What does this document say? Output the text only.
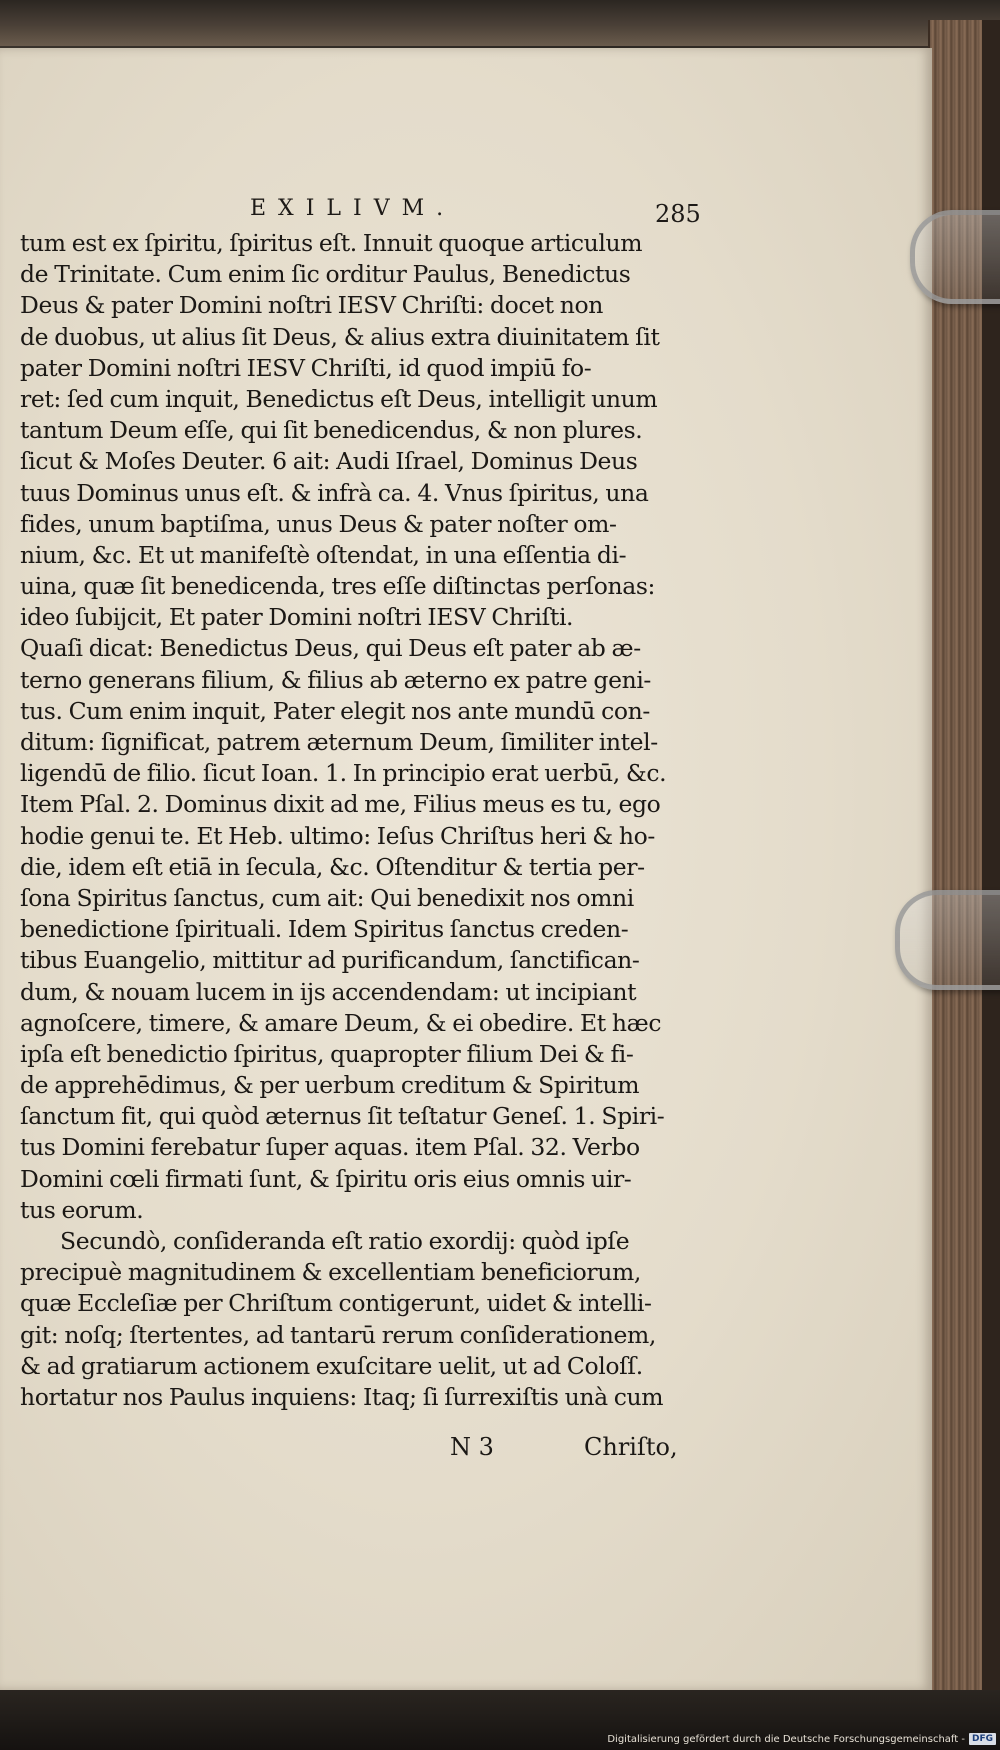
EXILIVM.	285
tum est ex ſpiritu, ſpiritus eſt. Innuit quoque articulum
de Trinitate. Cum enim ſic orditur Paulus, Benedictus
Deus & pater Domini noſtri IESV Chriſti: docet non
de duobus, ut alius ſit Deus, & alius extra diuinitatem ſit
pater Domini noſtri IESV Chriſti, id quod impiū fo-
ret: ſed cum inquit, Benedictus eſt Deus, intelligit unum
tantum Deum eſſe, qui ſit benedicendus, & non plures.
ſicut & Moſes Deuter. 6 ait: Audi Iſrael, Dominus Deus
tuus Dominus unus eſt. & infrà ca. 4. Vnus ſpiritus, una
fides, unum baptiſma, unus Deus & pater noſter om-
nium, &c. Et ut manifeſtè oſtendat, in una eſſentia di-
uina, quæ ſit benedicenda, tres eſſe diſtinctas perſonas:
ideo ſubijcit, Et pater Domini noſtri IESV Chriſti.
Quaſi dicat: Benedictus Deus, qui Deus eſt pater ab æ-
terno generans filium, & filius ab æterno ex patre geni-
tus. Cum enim inquit, Pater elegit nos ante mundū con-
ditum: ſignificat, patrem æternum Deum, ſimiliter intel-
ligendū de filio. ſicut Ioan. 1. In principio erat uerbū, &c.
Item Pſal. 2. Dominus dixit ad me, Filius meus es tu, ego
hodie genui te. Et Heb. ultimo: Ieſus Chriſtus heri & ho-
die, idem eſt etiā in ſecula, &c. Oſtenditur & tertia per-
ſona Spiritus ſanctus, cum ait: Qui benedixit nos omni
benedictione ſpirituali. Idem Spiritus ſanctus creden-
tibus Euangelio, mittitur ad purificandum, ſanctifican-
dum, & nouam lucem in ijs accendendam: ut incipiant
agnoſcere, timere, & amare Deum, & ei obedire. Et hæc
ipſa eſt benedictio ſpiritus, quapropter filium Dei & fi-
de apprehēdimus, & per uerbum creditum & Spiritum
ſanctum fit, qui quòd æternus ſit teſtatur Geneſ. 1. Spiri-
tus Domini ferebatur ſuper aquas. item Pſal. 32. Verbo
Domini cœli firmati ſunt, & ſpiritu oris eius omnis uir-
tus eorum.
Secundò, conſideranda eſt ratio exordij: quòd ipſe
precipuè magnitudinem & excellentiam beneficiorum,
quæ Eccleſiæ per Chriſtum contigerunt, uidet & intelli-
git: noſq; ſtertentes, ad tantarū rerum conſiderationem,
& ad gratiarum actionem exuſcitare uelit, ut ad Coloſſ.
hortatur nos Paulus inquiens: Itaq; ſi ſurrexiſtis unà cum
N 3	Chriſto,
Digitalisierung gefördert durch die Deutsche Forschungsgemeinschaft - DFG
